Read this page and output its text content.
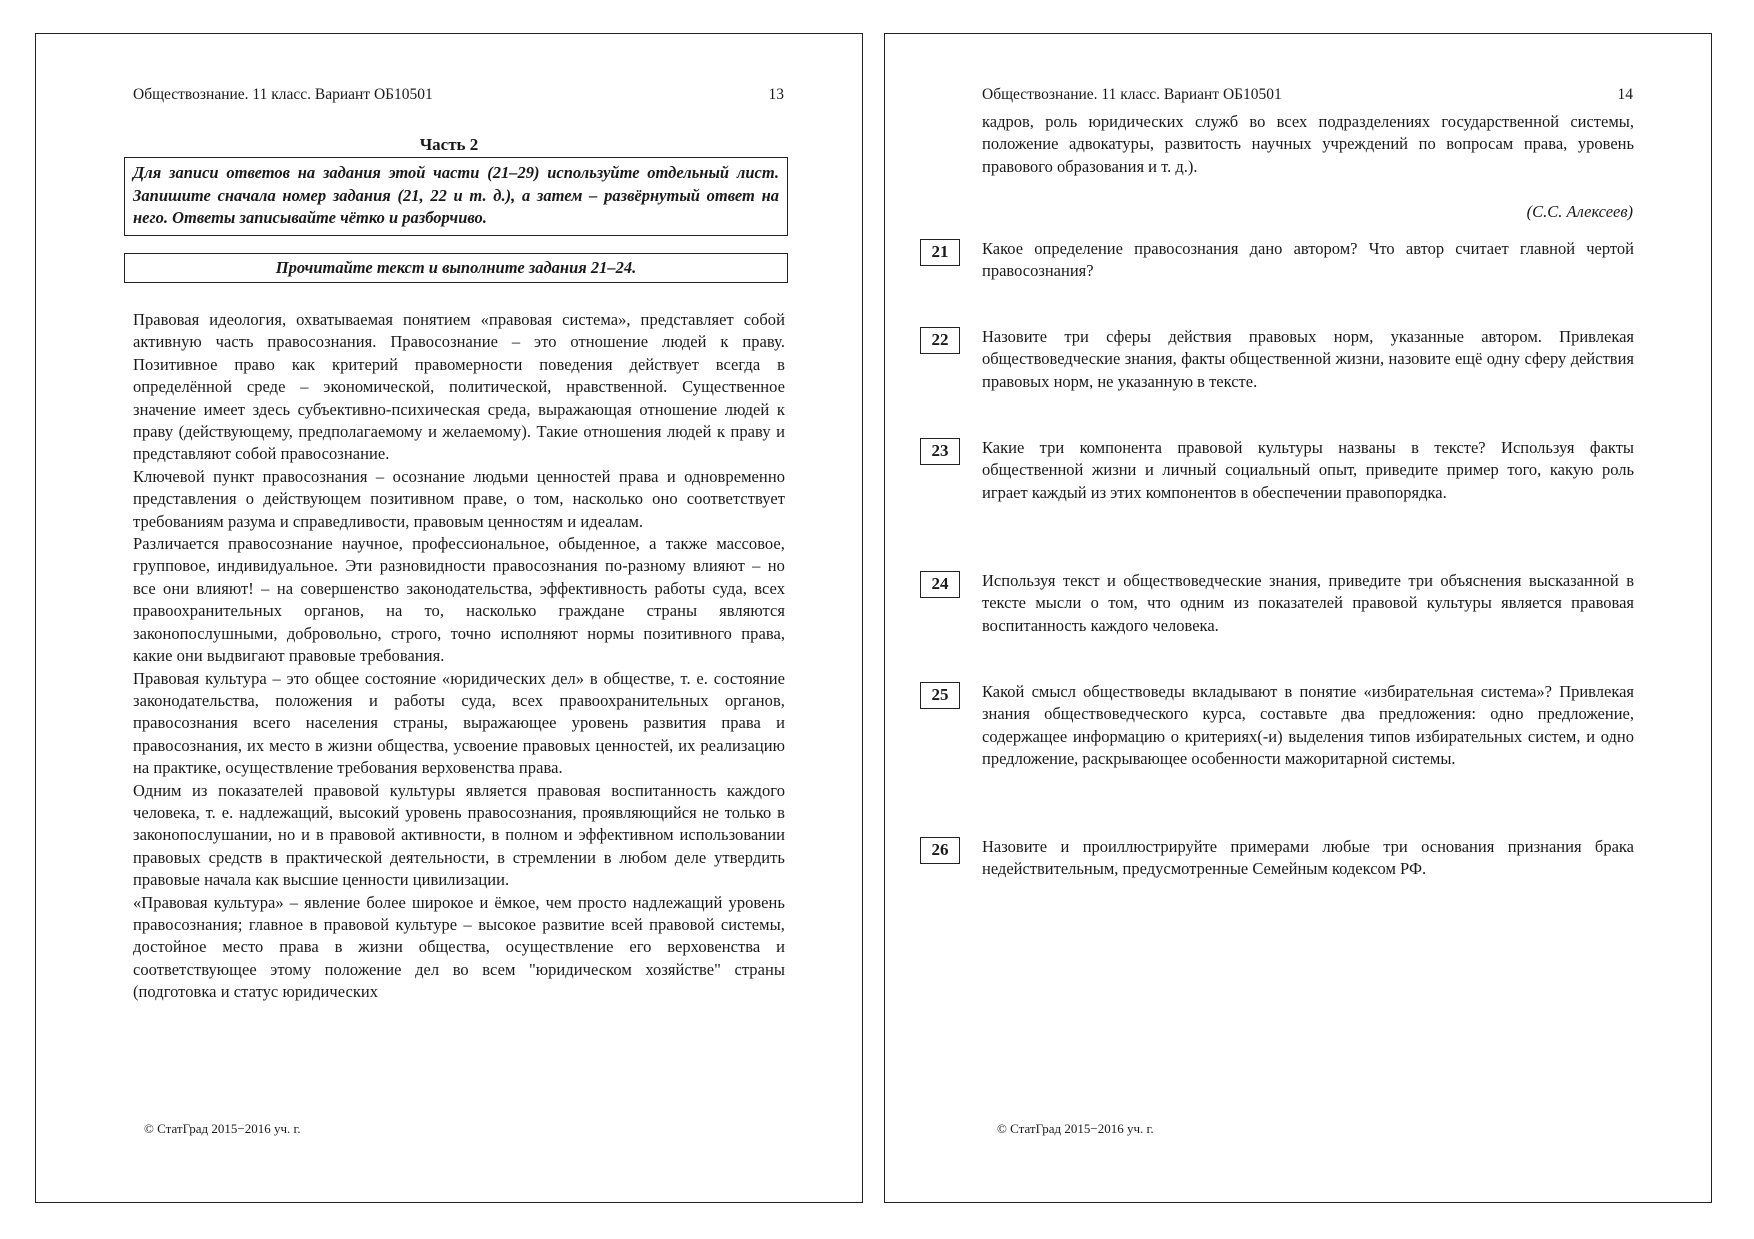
Обществознание. 11 класс. Вариант ОБ10501	13
Часть 2
Для записи ответов на задания этой части (21–29) используйте отдельный лист. Запишите сначала номер задания (21, 22 и т. д.), а затем – развёрнутый ответ на него. Ответы записывайте чётко и разборчиво.
Прочитайте текст и выполните задания 21–24.

Правовая идеология, охватываемая понятием «правовая система», представляет собой активную часть правосознания. Правосознание – это отношение людей к праву. Позитивное право как критерий правомерности поведения действует всегда в определённой среде – экономической, политической, нравственной. Существенное значение имеет здесь субъективно-психическая среда, выражающая отношение людей к праву (действующему, предполагаемому и желаемому). Такие отношения людей к праву и представляют собой правосознание.

Ключевой пункт правосознания – осознание людьми ценностей права и одновременно представления о действующем позитивном праве, о том, насколько оно соответствует требованиям разума и справедливости, правовым ценностям и идеалам.

Различается правосознание научное, профессиональное, обыденное, а также массовое, групповое, индивидуальное. Эти разновидности правосознания по-разному влияют – но все они влияют! – на совершенство законодательства, эффективность работы суда, всех правоохранительных органов, на то, насколько граждане страны являются законопослушными, добровольно, строго, точно исполняют нормы позитивного права, какие они выдвигают правовые требования.

Правовая культура – это общее состояние «юридических дел» в обществе, т. е. состояние законодательства, положения и работы суда, всех правоохранительных органов, правосознания всего населения страны, выражающее уровень развития права и правосознания, их место в жизни общества, усвоение правовых ценностей, их реализацию на практике, осуществление требования верховенства права.

Одним из показателей правовой культуры является правовая воспитанность каждого человека, т. е. надлежащий, высокий уровень правосознания, проявляющийся не только в законопослушании, но и в правовой активности, в полном и эффективном использовании правовых средств в практической деятельности, в стремлении в любом деле утвердить правовые начала как высшие ценности цивилизации.

«Правовая культура» – явление более широкое и ёмкое, чем просто надлежащий уровень правосознания; главное в правовой культуре – высокое развитие всей правовой системы, достойное место права в жизни общества, осуществление его верховенства и соответствующее этому положение дел во всем "юридическом хозяйстве" страны (подготовка и статус юридических

© СтатГрад 2015−2016 уч. г.
Обществознание. 11 класс. Вариант ОБ10501	14

кадров, роль юридических служб во всех подразделениях государственной системы, положение адвокатуры, развитость научных учреждений по вопросам права, уровень правового образования и т. д.).

(С.С. Алексеев)
21	Какое определение правосознания дано автором? Что автор считает главной чертой правосознания?
22	Назовите три сферы действия правовых норм, указанные автором. Привлекая обществоведческие знания, факты общественной жизни, назовите ещё одну сферу действия правовых норм, не указанную в тексте.
23	Какие три компонента правовой культуры названы в тексте? Используя факты общественной жизни и личный социальный опыт, приведите пример того, какую роль играет каждый из этих компонентов в обеспечении правопорядка.
24	Используя текст и обществоведческие знания, приведите три объяснения высказанной в тексте мысли о том, что одним из показателей правовой культуры является правовая воспитанность каждого человека.
25	Какой смысл обществоведы вкладывают в понятие «избирательная система»? Привлекая знания обществоведческого курса, составьте два предложения: одно предложение, содержащее информацию о критериях(-и) выделения типов избирательных систем, и одно предложение, раскрывающее особенности мажоритарной системы.
26	Назовите и проиллюстрируйте примерами любые три основания признания брака недействительным, предусмотренные Семейным кодексом РФ.
© СтатГрад 2015−2016 уч. г.
